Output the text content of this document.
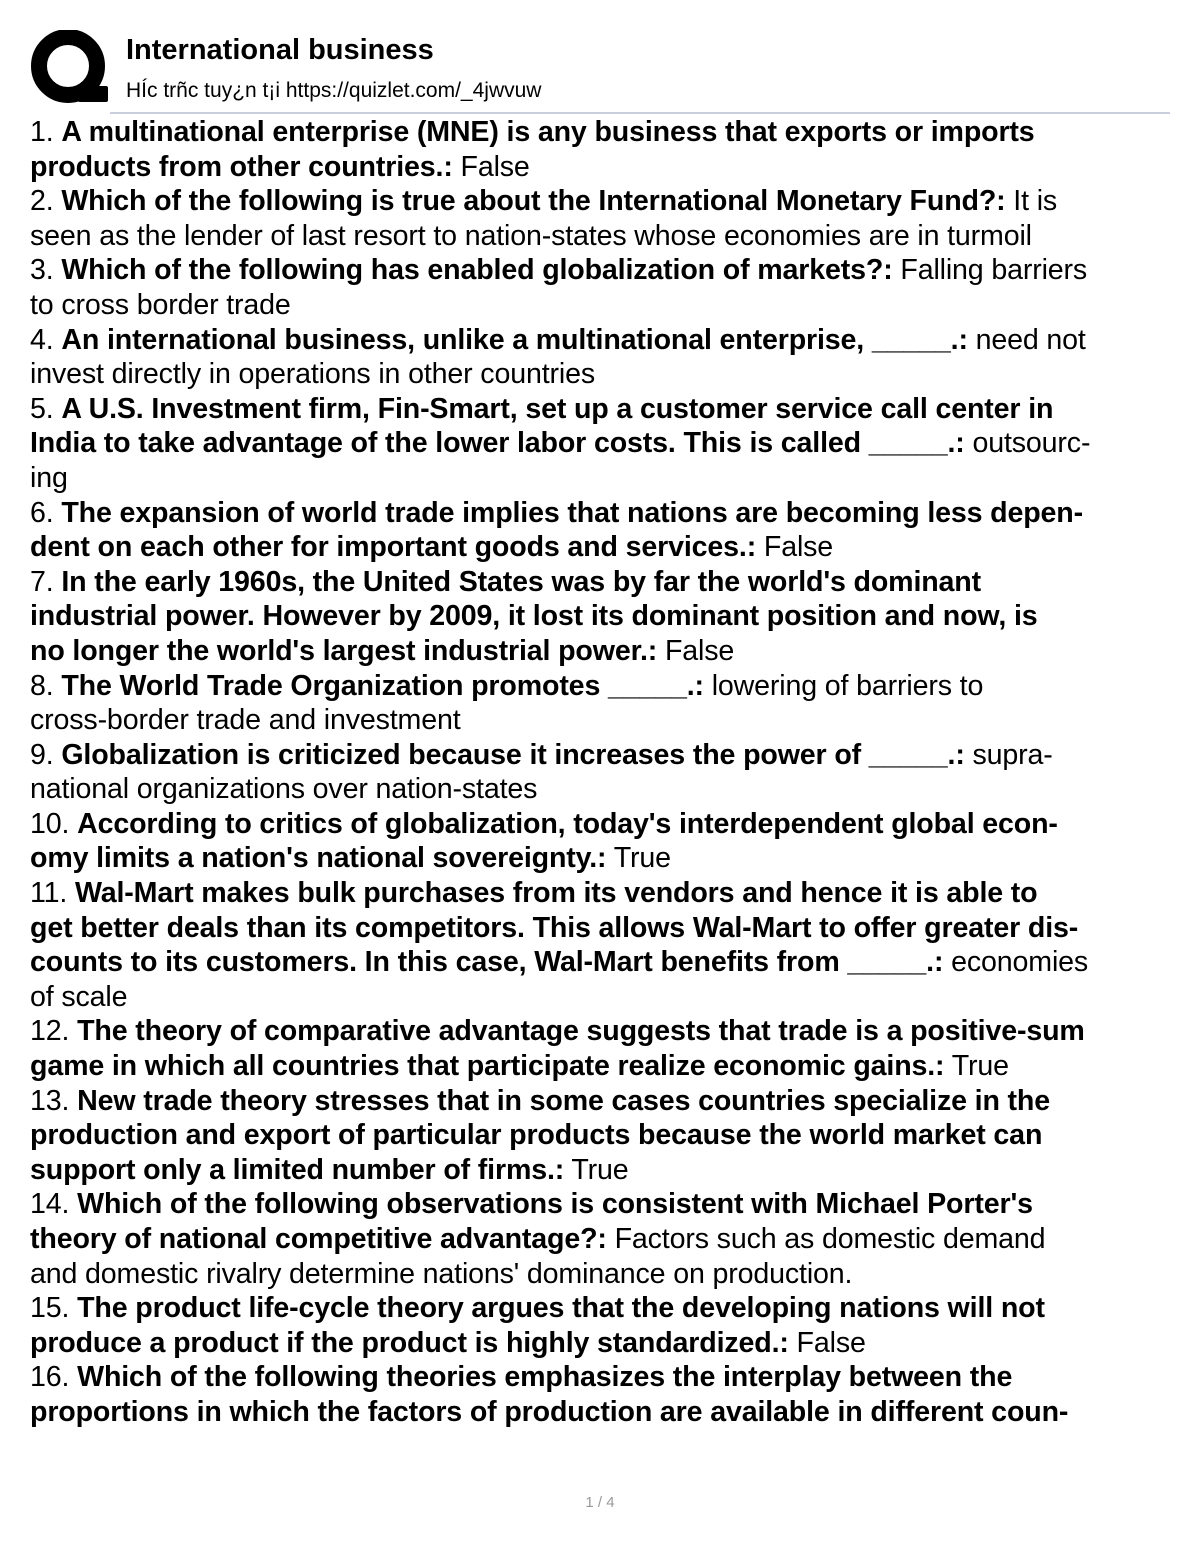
International business
HÍc trñc tuy¿n t¡i https://quizlet.com/_4jwvuw
1. A multinational enterprise (MNE) is any business that exports or imports
products from other countries.: False
2. Which of the following is true about the International Monetary Fund?: It is
seen as the lender of last resort to nation-states whose economies are in turmoil
3. Which of the following has enabled globalization of markets?: Falling barriers
to cross border trade
4. An international business, unlike a multinational enterprise, _____.: need not
invest directly in operations in other countries
5. A U.S. Investment firm, Fin-Smart, set up a customer service call center in
India to take advantage of the lower labor costs. This is called _____.: outsourc-
ing
6. The expansion of world trade implies that nations are becoming less depen-
dent on each other for important goods and services.: False
7. In the early 1960s, the United States was by far the world's dominant
industrial power. However by 2009, it lost its dominant position and now, is
no longer the world's largest industrial power.: False
8. The World Trade Organization promotes _____.: lowering of barriers to
cross-border trade and investment
9. Globalization is criticized because it increases the power of _____.: supra-
national organizations over nation-states
10. According to critics of globalization, today's interdependent global econ-
omy limits a nation's national sovereignty.: True
11. Wal-Mart makes bulk purchases from its vendors and hence it is able to
get better deals than its competitors. This allows Wal-Mart to offer greater dis-
counts to its customers. In this case, Wal-Mart benefits from _____.: economies
of scale
12. The theory of comparative advantage suggests that trade is a positive-sum
game in which all countries that participate realize economic gains.: True
13. New trade theory stresses that in some cases countries specialize in the
production and export of particular products because the world market can
support only a limited number of firms.: True
14. Which of the following observations is consistent with Michael Porter's
theory of national competitive advantage?: Factors such as domestic demand
and domestic rivalry determine nations' dominance on production.
15. The product life-cycle theory argues that the developing nations will not
produce a product if the product is highly standardized.: False
16. Which of the following theories emphasizes the interplay between the
proportions in which the factors of production are available in different coun-
1 / 4
